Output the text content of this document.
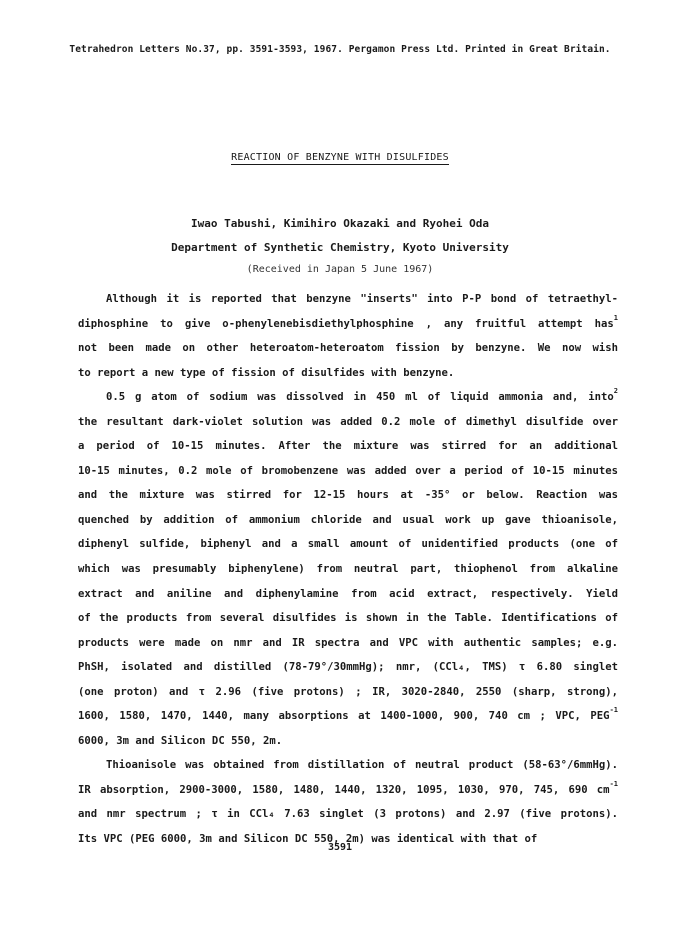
Tetrahedron Letters No.37, pp. 3591-3593, 1967. Pergamon Press Ltd. Printed in Great Britain.
REACTION OF BENZYNE WITH DISULFIDES
Iwao Tabushi, Kimihiro Okazaki and Ryohei Oda
Department of Synthetic Chemistry, Kyoto University
(Received in Japan 5 June 1967)
Although it is reported that benzyne "inserts" into P-P bond of tetraethyl-
diphosphine to give o-phenylenebisdiethylphosphine , any fruitful attempt has$^1$
not been made on other heteroatom-heteroatom fission by benzyne. We now wish
to report a new type of fission of disulfides with benzyne.
0.5 g atom of sodium was dissolved in 450 ml of liquid ammonia and, into$^2$
the resultant dark-violet solution was added 0.2 mole of dimethyl disulfide over
a period of 10-15 minutes. After the mixture was stirred for an additional
10-15 minutes, 0.2 mole of bromobenzene was added over a period of 10-15 minutes
and the mixture was stirred for 12-15 hours at -35° or below. Reaction was
quenched by addition of ammonium chloride and usual work up gave thioanisole,
diphenyl sulfide, biphenyl and a small amount of unidentified products (one of
which was presumably biphenylene) from neutral part, thiophenol from alkaline
extract and aniline and diphenylamine from acid extract, respectively. Yield
of the products from several disulfides is shown in the Table. Identifications of
products were made on nmr and IR spectra and VPC with authentic samples; e.g.
PhSH, isolated and distilled (78-79°/30mmHg); nmr, (CCl₄, TMS) τ 6.80 singlet
(one proton) and τ 2.96 (five protons) ; IR, 3020-2840, 2550 (sharp, strong),
1600, 1580, 1470, 1440, many absorptions at 1400-1000, 900, 740 cm ; VPC, $PEG^{-1}$
6000, 3m and Silicon DC 550, 2m.
Thioanisole was obtained from distillation of neutral product (58-63°/6mmHg).
IR absorption, 2900-3000, 1580, 1480, 1440, 1320, 1095, 1030, 970, 745, 690 $cm^{-1}$
and nmr spectrum ; τ in CCl₄ 7.63 singlet (3 protons) and 2.97 (five protons).
Its VPC (PEG 6000, 3m and Silicon DC 550, 2m) was identical with that of
3591
